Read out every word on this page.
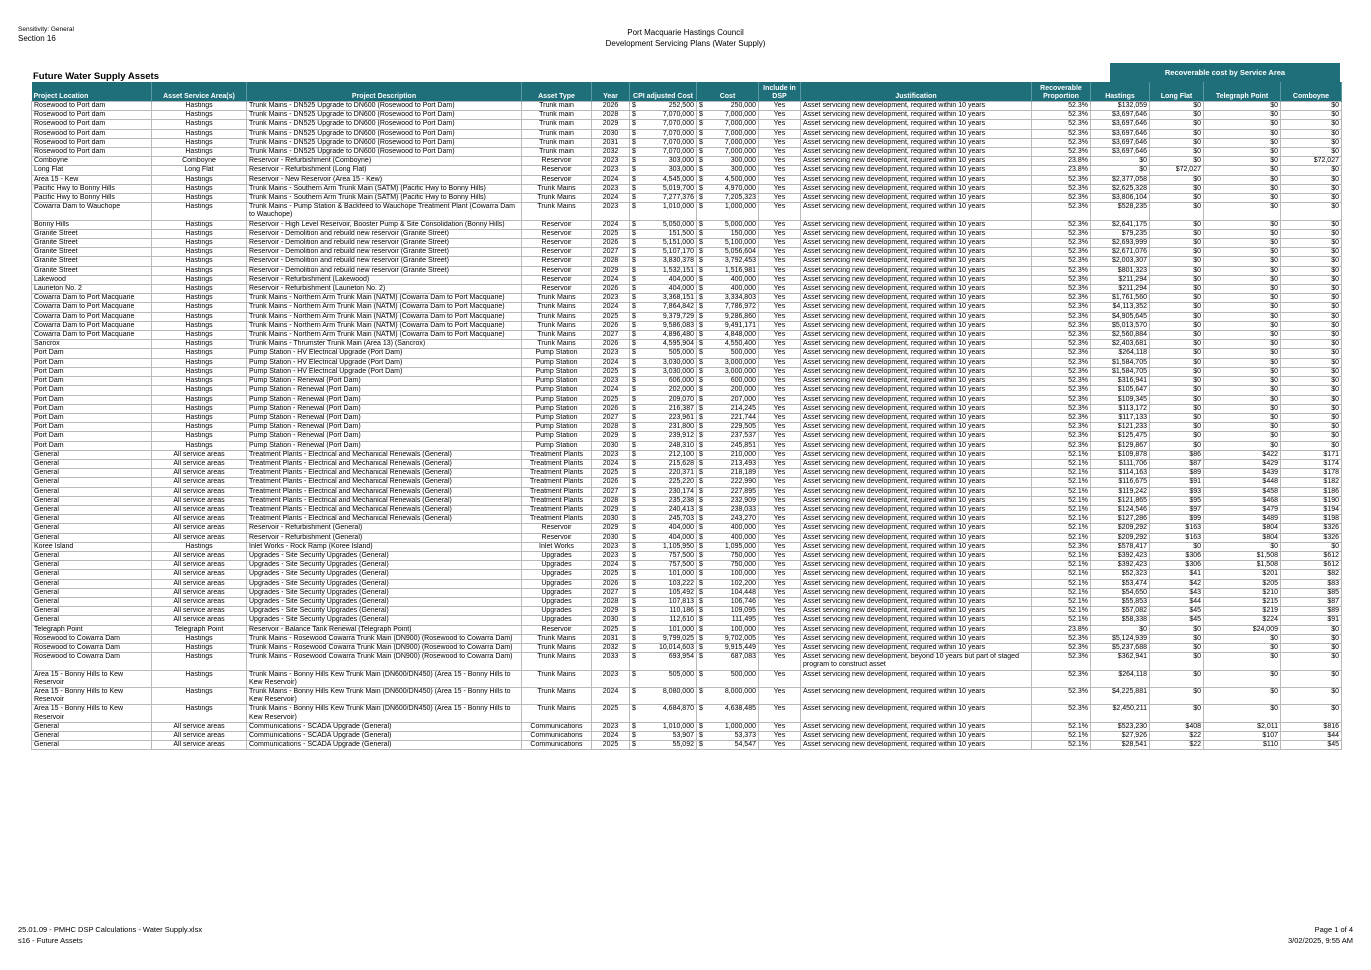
Sensitivity: General
Section 16
Port Macquarie Hastings Council
Development Servicing Plans (Water Supply)
Future Water Supply Assets	Recoverable cost by Service Area
Project Location	Asset Service Area(s)	Project Description	Asset Type	Year	CPI adjusted Cost	Cost	Include in DSP	Justification	Recoverable Proportion	Hastings	Long Flat	Telegraph Point	Comboyne
Rosewood to Port dam	Hastings	Trunk Mains - DN525 Upgrade to DN600 (Rosewood to Port Dam)	Trunk main	2026	$ 252,500	$ 250,000	Yes	Asset servicing new development, required within 10 years	52.3%	$132,059	$0	$0	$0
Rosewood to Port dam	Hastings	Trunk Mains - DN525 Upgrade to DN600 (Rosewood to Port Dam)	Trunk main	2028	$ 7,070,000	$ 7,000,000	Yes	Asset servicing new development, required within 10 years	52.3%	$3,697,646	$0	$0	$0
Rosewood to Port dam	Hastings	Trunk Mains - DN525 Upgrade to DN600 (Rosewood to Port Dam)	Trunk main	2029	$ 7,070,000	$ 7,000,000	Yes	Asset servicing new development, required within 10 years	52.3%	$3,697,646	$0	$0	$0
Rosewood to Port dam	Hastings	Trunk Mains - DN525 Upgrade to DN600 (Rosewood to Port Dam)	Trunk main	2030	$ 7,070,000	$ 7,000,000	Yes	Asset servicing new development, required within 10 years	52.3%	$3,697,646	$0	$0	$0
Rosewood to Port dam	Hastings	Trunk Mains - DN525 Upgrade to DN600 (Rosewood to Port Dam)	Trunk main	2031	$ 7,070,000	$ 7,000,000	Yes	Asset servicing new development, required within 10 years	52.3%	$3,697,646	$0	$0	$0
Rosewood to Port dam	Hastings	Trunk Mains - DN525 Upgrade to DN600 (Rosewood to Port Dam)	Trunk main	2032	$ 7,070,000	$ 7,000,000	Yes	Asset servicing new development, required within 10 years	52.3%	$3,697,646	$0	$0	$0
Comboyne	Comboyne	Reservoir - Refurbishment (Comboyne)	Reservoir	2023	$ 303,000	$ 300,000	Yes	Asset servicing new development, required within 10 years	23.8%	$0	$0	$0	$72,027
Long Flat	Long Flat	Reservoir - Refurbishment (Long Flat)	Reservoir	2023	$ 303,000	$ 300,000	Yes	Asset servicing new development, required within 10 years	23.8%	$0	$72,027	$0	$0
Area 15 - Kew	Hastings	Reservoir - New Reservoir (Area 15 - Kew)	Reservoir	2024	$ 4,545,000	$ 4,500,000	Yes	Asset servicing new development, required within 10 years	52.3%	$2,377,058	$0	$0	$0
Pacific Hwy to Bonny Hills	Hastings	Trunk Mains - Southern Arm Trunk Main (SATM) (Pacific Hwy to Bonny Hills)	Trunk Mains	2023	$ 5,019,700	$ 4,970,000	Yes	Asset servicing new development, required within 10 years	52.3%	$2,625,328	$0	$0	$0
Pacific Hwy to Bonny Hills	Hastings	Trunk Mains - Southern Arm Trunk Main (SATM) (Pacific Hwy to Bonny Hills)	Trunk Mains	2024	$ 7,277,376	$ 7,205,323	Yes	Asset servicing new development, required within 10 years	52.3%	$3,806,104	$0	$0	$0
Cowarra Dam to Wauchope	Hastings	Trunk Mains - Pump Station & Backfeed to Wauchope Treatment Plant (Cowarra Dam to Wauchope)	Trunk Mains	2023	$ 1,010,000	$ 1,000,000	Yes	Asset servicing new development, required within 10 years	52.3%	$528,235	$0	$0	$0
Bonny Hills	Hastings	Reservoir - High Level Reservoir, Booster Pump & Site Consolidation (Bonny Hills)	Reservoir	2024	$ 5,050,000	$ 5,000,000	Yes	Asset servicing new development, required within 10 years	52.3%	$2,641,175	$0	$0	$0
Granite Street	Hastings	Reservoir - Demolition and rebuild new reservoir (Granite Street)	Reservoir	2025	$ 151,500	$ 150,000	Yes	Asset servicing new development, required within 10 years	52.3%	$79,235	$0	$0	$0
Granite Street	Hastings	Reservoir - Demolition and rebuild new reservoir (Granite Street)	Reservoir	2026	$ 5,151,000	$ 5,100,000	Yes	Asset servicing new development, required within 10 years	52.3%	$2,693,999	$0	$0	$0
Granite Street	Hastings	Reservoir - Demolition and rebuild new reservoir (Granite Street)	Reservoir	2027	$ 5,107,170	$ 5,056,604	Yes	Asset servicing new development, required within 10 years	52.3%	$2,671,076	$0	$0	$0
Granite Street	Hastings	Reservoir - Demolition and rebuild new reservoir (Granite Street)	Reservoir	2028	$ 3,830,378	$ 3,792,453	Yes	Asset servicing new development, required within 10 years	52.3%	$2,003,307	$0	$0	$0
Granite Street	Hastings	Reservoir - Demolition and rebuild new reservoir (Granite Street)	Reservoir	2029	$ 1,532,151	$ 1,516,981	Yes	Asset servicing new development, required within 10 years	52.3%	$801,323	$0	$0	$0
Lakewood	Hastings	Reservoir - Refurbishment (Lakewood)	Reservoir	2024	$ 404,000	$ 400,000	Yes	Asset servicing new development, required within 10 years	52.3%	$211,294	$0	$0	$0
Laurieton No. 2	Hastings	Reservoir - Refurbishment (Laurieton No. 2)	Reservoir	2026	$ 404,000	$ 400,000	Yes	Asset servicing new development, required within 10 years	52.3%	$211,294	$0	$0	$0
Cowarra Dam to Port Macquarie	Hastings	Trunk Mains - Northern Arm Trunk Main (NATM) (Cowarra Dam to Port Macquarie)	Trunk Mains	2023	$ 3,368,151	$ 3,334,803	Yes	Asset servicing new development, required within 10 years	52.3%	$1,761,560	$0	$0	$0
Cowarra Dam to Port Macquarie	Hastings	Trunk Mains - Northern Arm Trunk Main (NATM) (Cowarra Dam to Port Macquarie)	Trunk Mains	2024	$ 7,864,842	$ 7,786,972	Yes	Asset servicing new development, required within 10 years	52.3%	$4,113,352	$0	$0	$0
Cowarra Dam to Port Macquarie	Hastings	Trunk Mains - Northern Arm Trunk Main (NATM) (Cowarra Dam to Port Macquarie)	Trunk Mains	2025	$ 9,379,729	$ 9,286,860	Yes	Asset servicing new development, required within 10 years	52.3%	$4,905,645	$0	$0	$0
Cowarra Dam to Port Macquarie	Hastings	Trunk Mains - Northern Arm Trunk Main (NATM) (Cowarra Dam to Port Macquarie)	Trunk Mains	2026	$ 9,586,083	$ 9,491,171	Yes	Asset servicing new development, required within 10 years	52.3%	$5,013,570	$0	$0	$0
Cowarra Dam to Port Macquarie	Hastings	Trunk Mains - Northern Arm Trunk Main (NATM) (Cowarra Dam to Port Macquarie)	Trunk Mains	2027	$ 4,896,480	$ 4,848,000	Yes	Asset servicing new development, required within 10 years	52.3%	$2,560,884	$0	$0	$0
Sancrox	Hastings	Trunk Mains - Thrumster Trunk Main (Area 13) (Sancrox)	Trunk Mains	2026	$ 4,595,904	$ 4,550,400	Yes	Asset servicing new development, required within 10 years	52.3%	$2,403,681	$0	$0	$0
Port Dam	Hastings	Pump Station - HV Electrical Upgrade (Port Dam)	Pump Station	2023	$ 505,000	$ 500,000	Yes	Asset servicing new development, required within 10 years	52.3%	$264,118	$0	$0	$0
Port Dam	Hastings	Pump Station - HV Electrical Upgrade (Port Dam)	Pump Station	2024	$ 3,030,000	$ 3,000,000	Yes	Asset servicing new development, required within 10 years	52.3%	$1,584,705	$0	$0	$0
Port Dam	Hastings	Pump Station - HV Electrical Upgrade (Port Dam)	Pump Station	2025	$ 3,030,000	$ 3,000,000	Yes	Asset servicing new development, required within 10 years	52.3%	$1,584,705	$0	$0	$0
Port Dam	Hastings	Pump Station - Renewal (Port Dam)	Pump Station	2023	$ 606,000	$ 600,000	Yes	Asset servicing new development, required within 10 years	52.3%	$316,941	$0	$0	$0
Port Dam	Hastings	Pump Station - Renewal (Port Dam)	Pump Station	2024	$ 202,000	$ 200,000	Yes	Asset servicing new development, required within 10 years	52.3%	$105,647	$0	$0	$0
Port Dam	Hastings	Pump Station - Renewal (Port Dam)	Pump Station	2025	$ 209,070	$ 207,000	Yes	Asset servicing new development, required within 10 years	52.3%	$109,345	$0	$0	$0
Port Dam	Hastings	Pump Station - Renewal (Port Dam)	Pump Station	2026	$ 216,387	$ 214,245	Yes	Asset servicing new development, required within 10 years	52.3%	$113,172	$0	$0	$0
Port Dam	Hastings	Pump Station - Renewal (Port Dam)	Pump Station	2027	$ 223,961	$ 221,744	Yes	Asset servicing new development, required within 10 years	52.3%	$117,133	$0	$0	$0
Port Dam	Hastings	Pump Station - Renewal (Port Dam)	Pump Station	2028	$ 231,800	$ 229,505	Yes	Asset servicing new development, required within 10 years	52.3%	$121,233	$0	$0	$0
Port Dam	Hastings	Pump Station - Renewal (Port Dam)	Pump Station	2029	$ 239,912	$ 237,537	Yes	Asset servicing new development, required within 10 years	52.3%	$125,475	$0	$0	$0
Port Dam	Hastings	Pump Station - Renewal (Port Dam)	Pump Station	2030	$ 248,310	$ 245,851	Yes	Asset servicing new development, required within 10 years	52.3%	$129,867	$0	$0	$0
General	All service areas	Treatment Plants - Electrical and Mechanical Renewals (General)	Treatment Plants	2023	$ 212,100	$ 210,000	Yes	Asset servicing new development, required within 10 years	52.1%	$109,878	$86	$422	$171
General	All service areas	Treatment Plants - Electrical and Mechanical Renewals (General)	Treatment Plants	2024	$ 215,628	$ 213,493	Yes	Asset servicing new development, required within 10 years	52.1%	$111,706	$87	$429	$174
General	All service areas	Treatment Plants - Electrical and Mechanical Renewals (General)	Treatment Plants	2025	$ 220,371	$ 218,189	Yes	Asset servicing new development, required within 10 years	52.1%	$114,163	$89	$439	$178
General	All service areas	Treatment Plants - Electrical and Mechanical Renewals (General)	Treatment Plants	2026	$ 225,220	$ 222,990	Yes	Asset servicing new development, required within 10 years	52.1%	$116,675	$91	$448	$182
General	All service areas	Treatment Plants - Electrical and Mechanical Renewals (General)	Treatment Plants	2027	$ 230,174	$ 227,895	Yes	Asset servicing new development, required within 10 years	52.1%	$119,242	$93	$458	$186
General	All service areas	Treatment Plants - Electrical and Mechanical Renewals (General)	Treatment Plants	2028	$ 235,238	$ 232,909	Yes	Asset servicing new development, required within 10 years	52.1%	$121,865	$95	$468	$190
General	All service areas	Treatment Plants - Electrical and Mechanical Renewals (General)	Treatment Plants	2029	$ 240,413	$ 238,033	Yes	Asset servicing new development, required within 10 years	52.1%	$124,546	$97	$479	$194
General	All service areas	Treatment Plants - Electrical and Mechanical Renewals (General)	Treatment Plants	2030	$ 245,703	$ 243,270	Yes	Asset servicing new development, required within 10 years	52.1%	$127,286	$99	$489	$198
General	All service areas	Reservoir - Refurbishment (General)	Reservoir	2029	$ 404,000	$ 400,000	Yes	Asset servicing new development, required within 10 years	52.1%	$209,292	$163	$804	$326
General	All service areas	Reservoir - Refurbishment (General)	Reservoir	2030	$ 404,000	$ 400,000	Yes	Asset servicing new development, required within 10 years	52.1%	$209,292	$163	$804	$326
Koree Island	Hastings	Inlet Works - Rock Ramp (Koree Island)	Inlet Works	2023	$ 1,105,950	$ 1,095,000	Yes	Asset servicing new development, required within 10 years	52.3%	$578,417	$0	$0	$0
General	All service areas	Upgrades - Site Security Upgrades (General)	Upgrades	2023	$ 757,500	$ 750,000	Yes	Asset servicing new development, required within 10 years	52.1%	$392,423	$306	$1,508	$612
General	All service areas	Upgrades - Site Security Upgrades (General)	Upgrades	2024	$ 757,500	$ 750,000	Yes	Asset servicing new development, required within 10 years	52.1%	$392,423	$306	$1,508	$612
General	All service areas	Upgrades - Site Security Upgrades (General)	Upgrades	2025	$ 101,000	$ 100,000	Yes	Asset servicing new development, required within 10 years	52.1%	$52,323	$41	$201	$82
General	All service areas	Upgrades - Site Security Upgrades (General)	Upgrades	2026	$ 103,222	$ 102,200	Yes	Asset servicing new development, required within 10 years	52.1%	$53,474	$42	$205	$83
General	All service areas	Upgrades - Site Security Upgrades (General)	Upgrades	2027	$ 105,492	$ 104,448	Yes	Asset servicing new development, required within 10 years	52.1%	$54,650	$43	$210	$85
General	All service areas	Upgrades - Site Security Upgrades (General)	Upgrades	2028	$ 107,813	$ 106,746	Yes	Asset servicing new development, required within 10 years	52.1%	$55,853	$44	$215	$87
General	All service areas	Upgrades - Site Security Upgrades (General)	Upgrades	2029	$ 110,186	$ 109,095	Yes	Asset servicing new development, required within 10 years	52.1%	$57,082	$45	$219	$89
General	All service areas	Upgrades - Site Security Upgrades (General)	Upgrades	2030	$ 112,610	$ 111,495	Yes	Asset servicing new development, required within 10 years	52.1%	$58,338	$45	$224	$91
Telegraph Point	Telegraph Point	Reservoir - Balance Tank Renewal (Telegraph Point)	Reservoir	2025	$ 101,000	$ 100,000	Yes	Asset servicing new development, required within 10 years	23.8%	$0	$0	$24,009	$0
Rosewood to Cowarra Dam	Hastings	Trunk Mains - Rosewood Cowarra Trunk Main (DN900) (Rosewood to Cowarra Dam)	Trunk Mains	2031	$ 9,799,025	$ 9,702,005	Yes	Asset servicing new development, required within 10 years	52.3%	$5,124,939	$0	$0	$0
Rosewood to Cowarra Dam	Hastings	Trunk Mains - Rosewood Cowarra Trunk Main (DN900) (Rosewood to Cowarra Dam)	Trunk Mains	2032	$ 10,014,603	$ 9,915,449	Yes	Asset servicing new development, required within 10 years	52.3%	$5,237,688	$0	$0	$0
Rosewood to Cowarra Dam	Hastings	Trunk Mains - Rosewood Cowarra Trunk Main (DN900) (Rosewood to Cowarra Dam)	Trunk Mains	2033	$ 693,954	$ 687,083	Yes	Asset servicing new development, beyond 10 years but part of staged program to construct asset	52.3%	$362,941	$0	$0	$0
Area 15 - Bonny Hills to Kew Reservoir	Hastings	Trunk Mains - Bonny Hills Kew Trunk Main (DN600/DN450) (Area 15 - Bonny Hills to Kew Reservoir)	Trunk Mains	2023	$ 505,000	$ 500,000	Yes	Asset servicing new development, required within 10 years	52.3%	$264,118	$0	$0	$0
Area 15 - Bonny Hills to Kew Reservoir	Hastings	Trunk Mains - Bonny Hills Kew Trunk Main (DN600/DN450) (Area 15 - Bonny Hills to Kew Reservoir)	Trunk Mains	2024	$ 8,080,000	$ 8,000,000	Yes	Asset servicing new development, required within 10 years	52.3%	$4,225,881	$0	$0	$0
Area 15 - Bonny Hills to Kew Reservoir	Hastings	Trunk Mains - Bonny Hills Kew Trunk Main (DN600/DN450) (Area 15 - Bonny Hills to Kew Reservoir)	Trunk Mains	2025	$ 4,684,870	$ 4,638,485	Yes	Asset servicing new development, required within 10 years	52.3%	$2,450,211	$0	$0	$0
General	All service areas	Communications - SCADA Upgrade (General)	Communications	2023	$ 1,010,000	$ 1,000,000	Yes	Asset servicing new development, required within 10 years	52.1%	$523,230	$408	$2,011	$816
General	All service areas	Communications - SCADA Upgrade (General)	Communications	2024	$ 53,907	$ 53,373	Yes	Asset servicing new development, required within 10 years	52.1%	$27,926	$22	$107	$44
General	All service areas	Communications - SCADA Upgrade (General)	Communications	2025	$ 55,092	$ 54,547	Yes	Asset servicing new development, required within 10 years	52.1%	$28,541	$22	$110	$45
25.01.09 - PMHC DSP Calculations - Water Supply.xlsx
s16 - Future Assets
Page 1 of 4
3/02/2025, 9:55 AM
